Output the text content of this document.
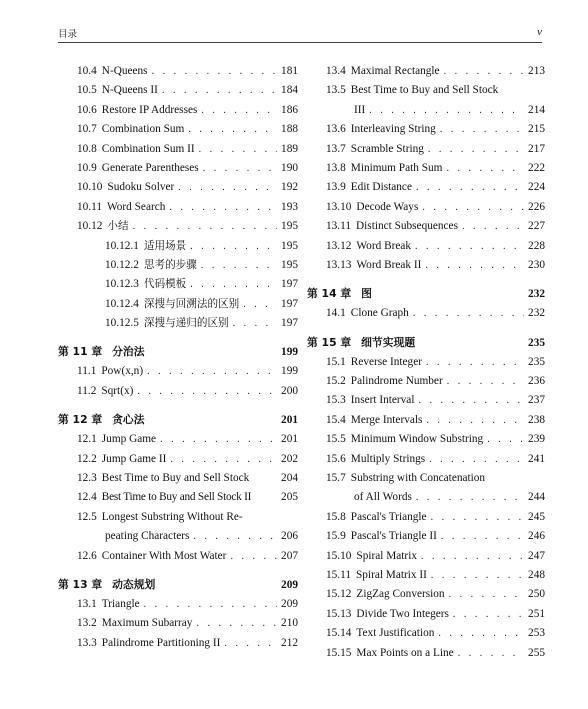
目录	v
10.4 N-Queens . . .	181
10.5 N-Queens II . . .	184
10.6 Restore IP Addresses . . .	186
10.7 Combination Sum . . .	188
10.8 Combination Sum II . . .	189
10.9 Generate Parentheses . . .	190
10.10 Sudoku Solver . . .	192
10.11 Word Search . . .	193
10.12 小结 . . .	195
10.12.1 适用场景 . . .	195
10.12.2 思考的步骤 . . .	195
10.12.3 代码模板 . . .	197
10.12.4 深搜与回溯法的区别 . . .	197
10.12.5 深搜与递归的区别 . . .	197
第 11 章 分治法	199
11.1 Pow(x,n) . . .	199
11.2 Sqrt(x) . . .	200
第 12 章 贪心法	201
12.1 Jump Game . . .	201
12.2 Jump Game II . . .	202
12.3 Best Time to Buy and Sell Stock	204
12.4 Best Time to Buy and Sell Stock II	205
12.5 Longest Substring Without Re-
peating Characters . . .	206
12.6 Container With Most Water . . .	207
第 13 章 动态规划	209
13.1 Triangle . . .	209
13.2 Maximum Subarray . . .	210
13.3 Palindrome Partitioning II . . .	212
13.4 Maximal Rectangle . . .	213
13.5 Best Time to Buy and Sell Stock
III . . .	214
13.6 Interleaving String . . .	215
13.7 Scramble String . . .	217
13.8 Minimum Path Sum . . .	222
13.9 Edit Distance . . .	224
13.10 Decode Ways . . .	226
13.11 Distinct Subsequences . . .	227
13.12 Word Break . . .	228
13.13 Word Break II . . .	230
第 14 章 图	232
14.1 Clone Graph . . .	232
第 15 章 细节实现题	235
15.1 Reverse Integer . . .	235
15.2 Palindrome Number . . .	236
15.3 Insert Interval . . .	237
15.4 Merge Intervals . . .	238
15.5 Minimum Window Substring . . .	239
15.6 Multiply Strings . . .	241
15.7 Substring with Concatenation
of All Words . . .	244
15.8 Pascal's Triangle . . .	245
15.9 Pascal's Triangle II . . .	246
15.10 Spiral Matrix . . .	247
15.11 Spiral Matrix II . . .	248
15.12 ZigZag Conversion . . .	250
15.13 Divide Two Integers . . .	251
15.14 Text Justification . . .	253
15.15 Max Points on a Line . . .	255
